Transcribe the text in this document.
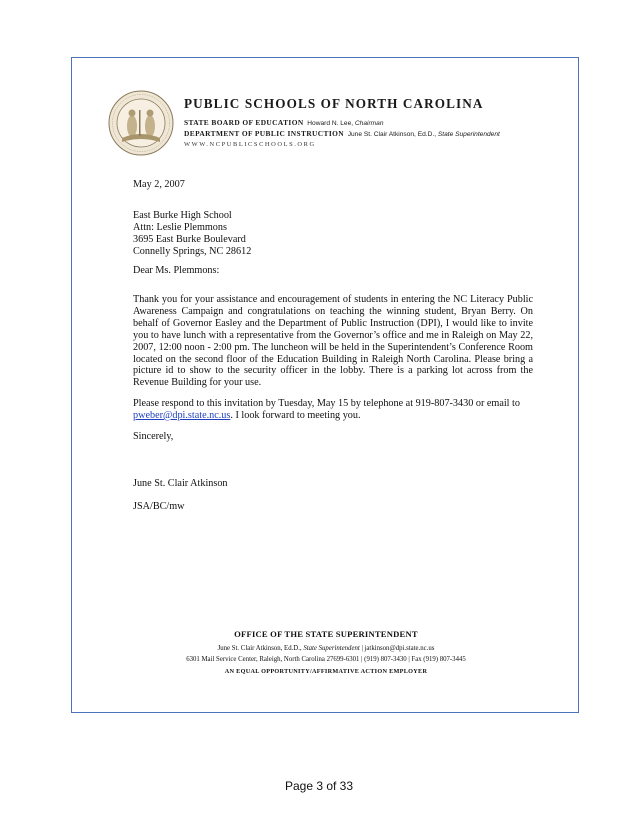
PUBLIC SCHOOLS OF NORTH CAROLINA
STATE BOARD OF EDUCATION Howard N. Lee, Chairman
DEPARTMENT OF PUBLIC INSTRUCTION June St. Clair Atkinson, Ed.D., State Superintendent
WWW.NCPUBLICSCHOOLS.ORG
May 2, 2007
East Burke High School
Attn: Leslie Plemmons
3695 East Burke Boulevard
Connelly Springs, NC 28612
Dear Ms. Plemmons:
Thank you for your assistance and encouragement of students in entering the NC Literacy Public
Awareness Campaign and congratulations on teaching the winning student, Bryan Berry. On
behalf of Governor Easley and the Department of Public Instruction (DPI), I would like to invite
you to have lunch with a representative from the Governor’s office and me in Raleigh on May 22,
2007, 12:00 noon - 2:00 pm. The luncheon will be held in the Superintendent’s Conference Room
located on the second floor of the Education Building in Raleigh North Carolina. Please bring a
picture id to show to the security officer in the lobby. There is a parking lot across from the
Revenue Building for your use.
Please respond to this invitation by Tuesday, May 15 by telephone at 919-807-3430 or email to
pweber@dpi.state.nc.us. I look forward to meeting you.
Sincerely,
June St. Clair Atkinson
JSA/BC/mw
OFFICE OF THE STATE SUPERINTENDENT
June St. Clair Atkinson, Ed.D., State Superintendent | jatkinson@dpi.state.nc.us
6301 Mail Service Center, Raleigh, North Carolina 27699-6301 | (919) 807-3430 | Fax (919) 807-3445
AN EQUAL OPPORTUNITY/AFFIRMATIVE ACTION EMPLOYER
Page 3 of 33
